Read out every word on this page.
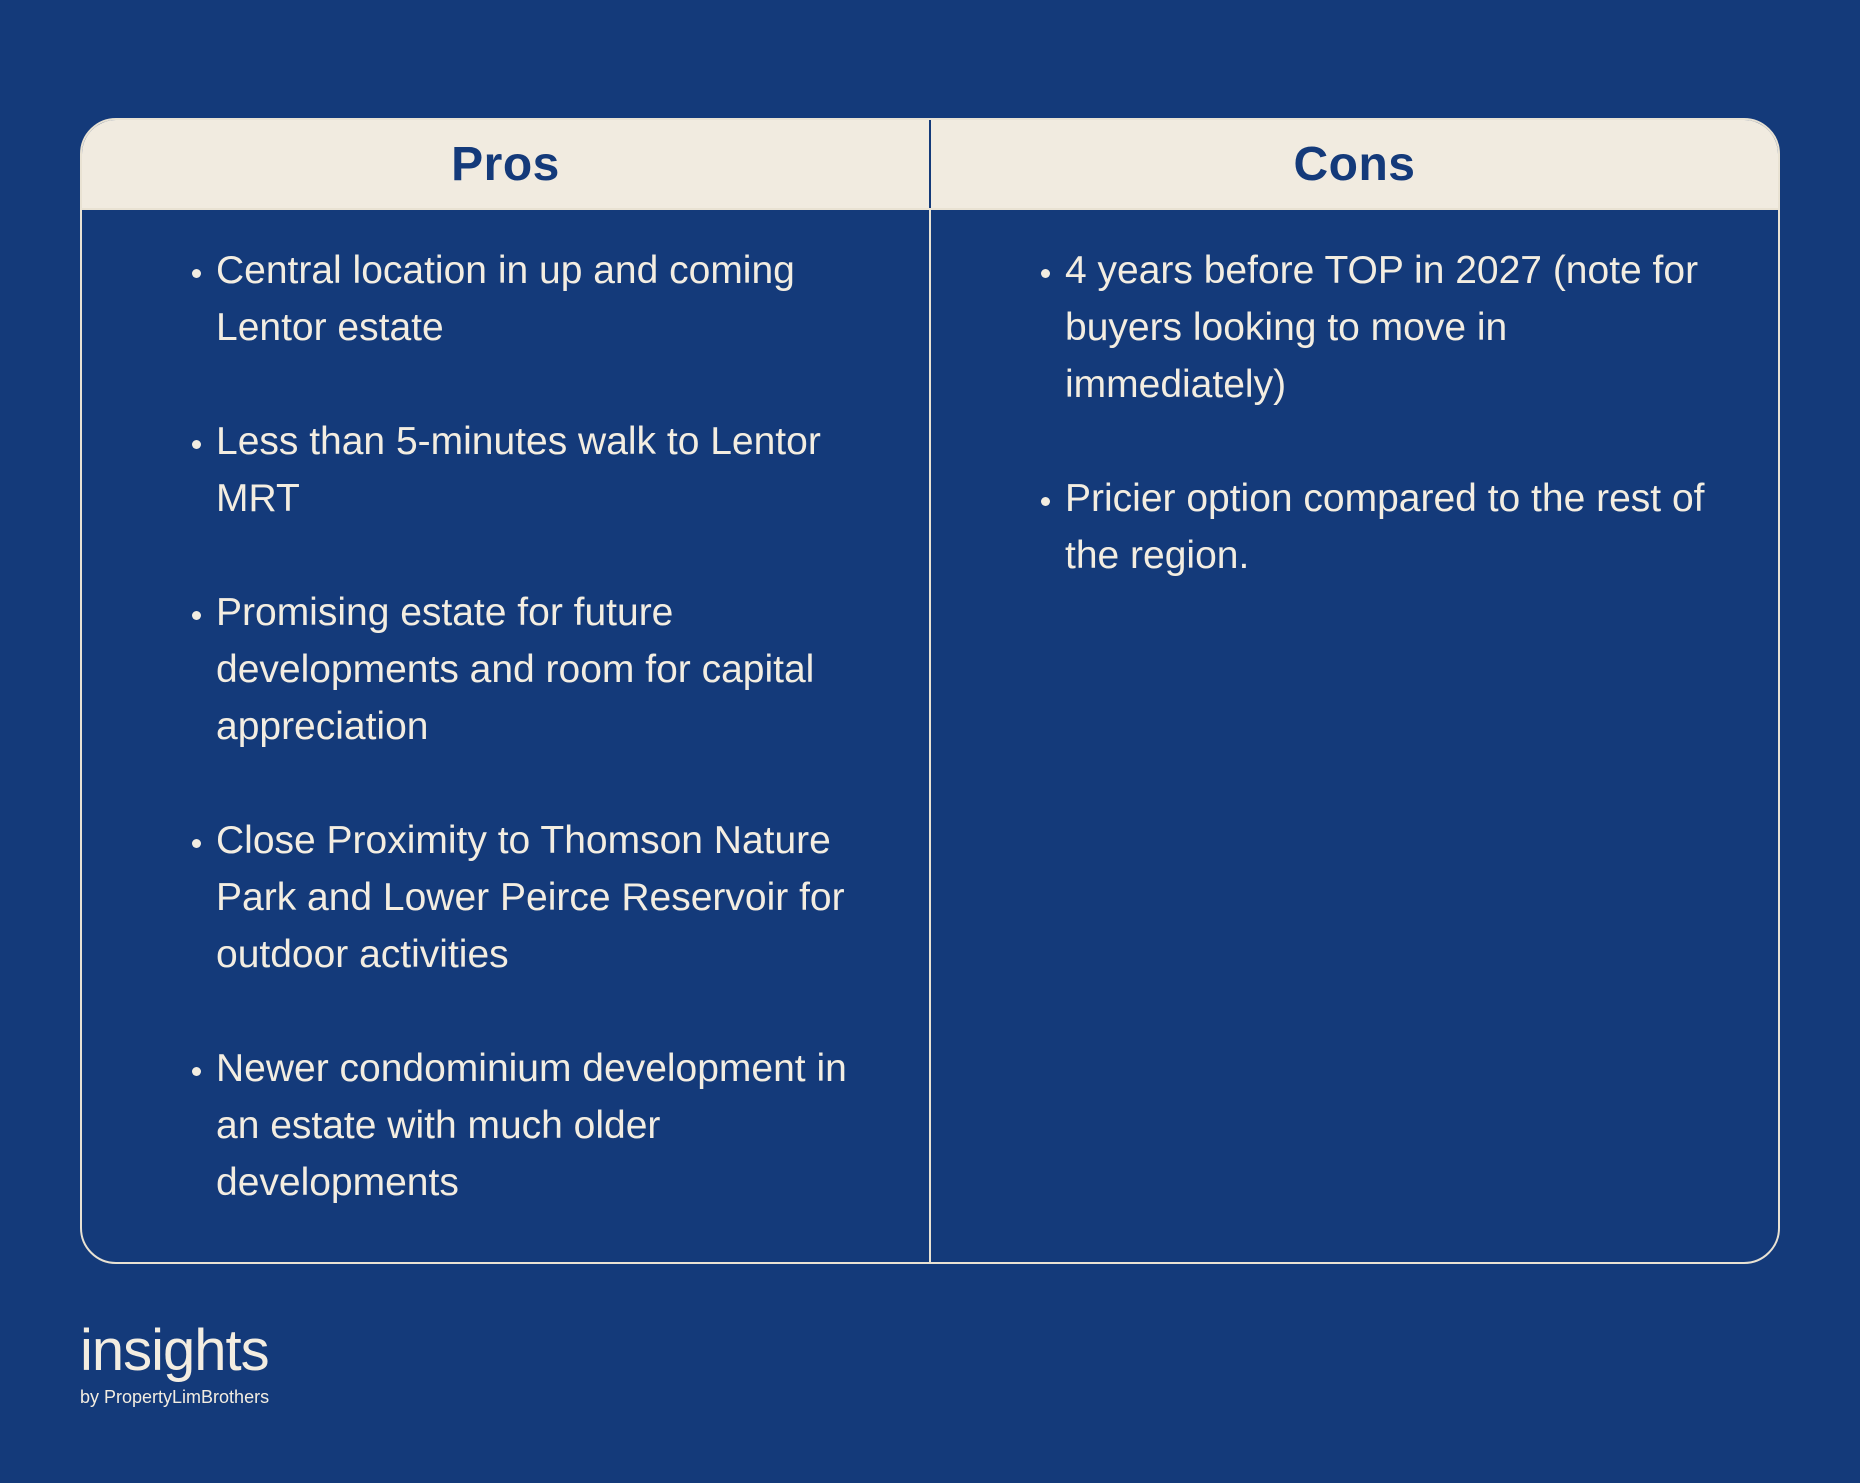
Pros	Cons
Central location in up and coming Lentor estate
Less than 5-minutes walk to Lentor MRT
Promising estate for future developments and room for capital appreciation
Close Proximity to Thomson Nature Park and Lower Peirce Reservoir for outdoor activities
Newer condominium development in an estate with much older developments
4 years before TOP in 2027 (note for buyers looking to move in immediately)
Pricier option compared to the rest of the region.
insights
by PropertyLimBrothers
